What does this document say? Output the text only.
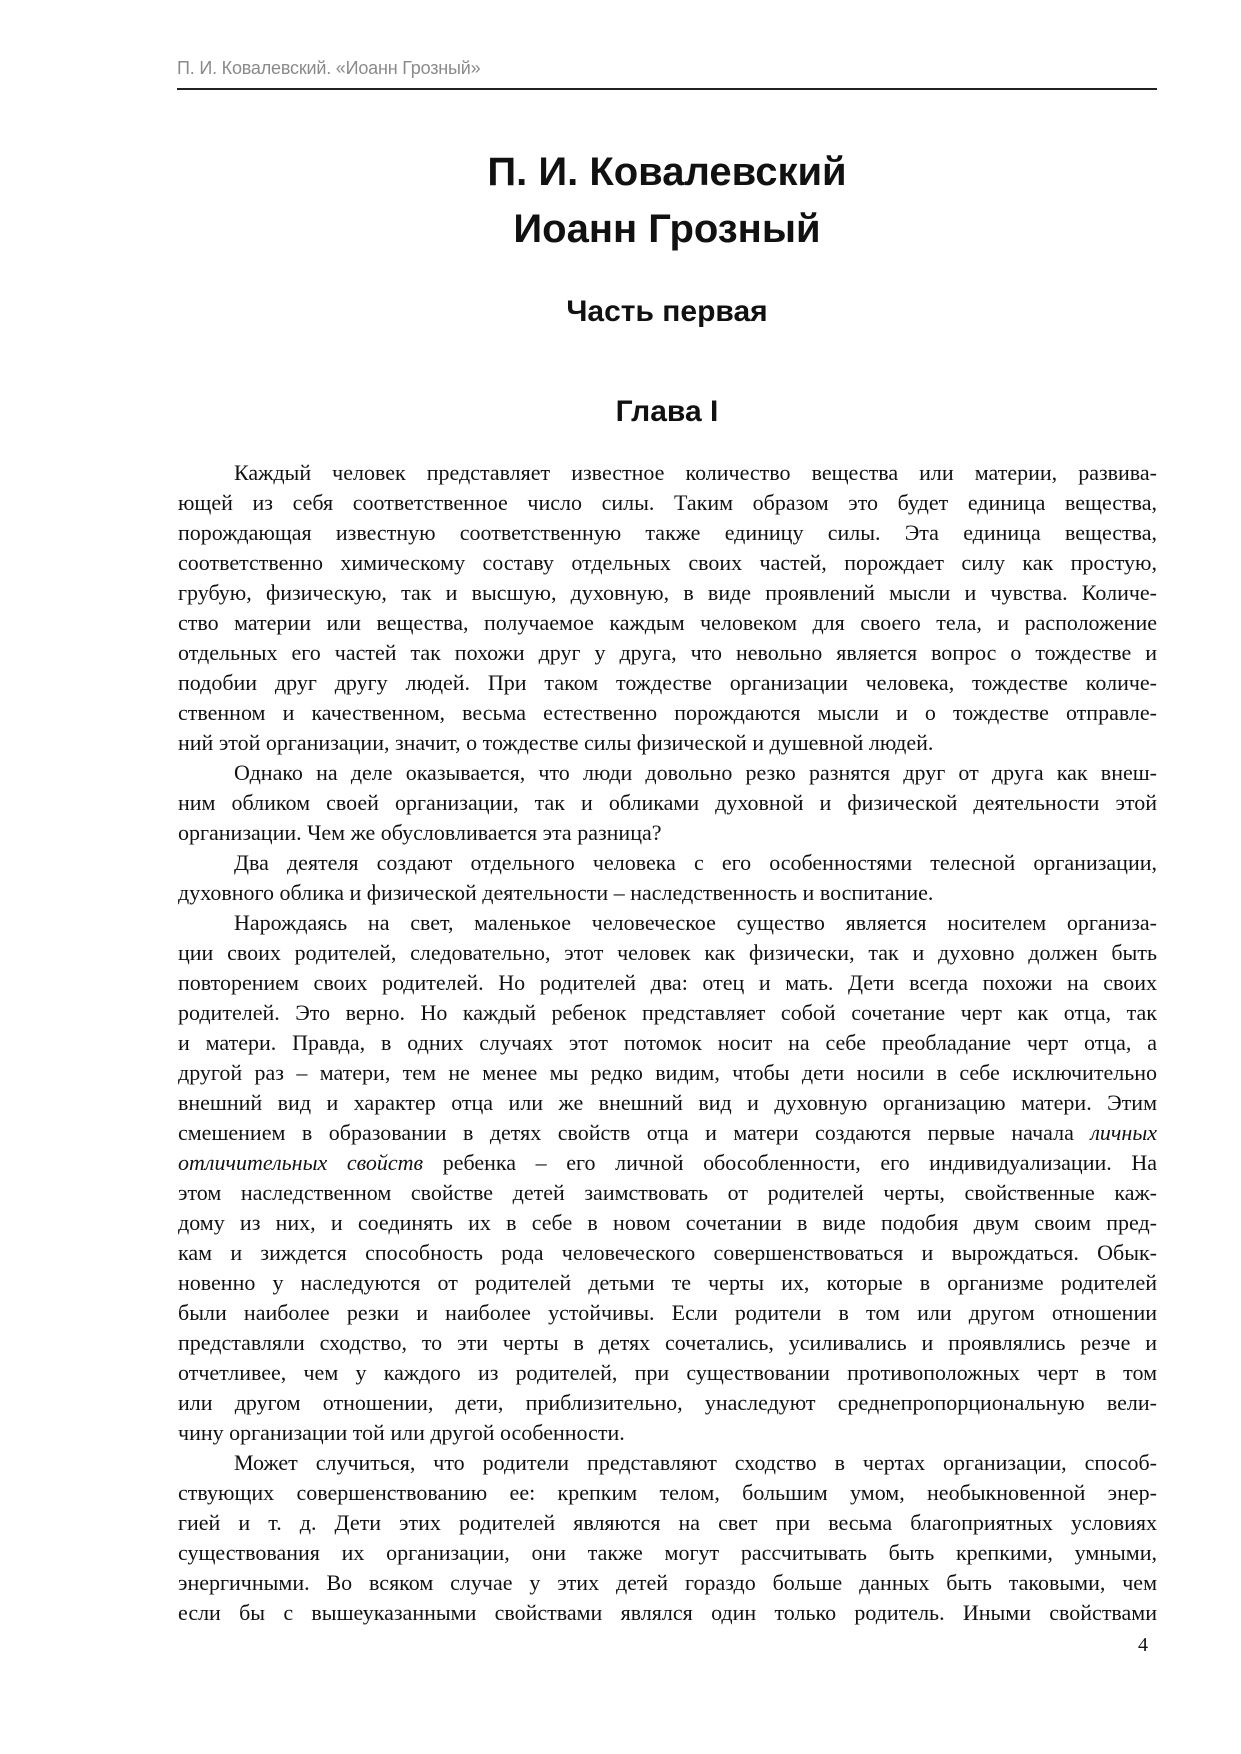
П. И. Ковалевский. «Иоанн Грозный»
П. И. Ковалевский
Иоанн Грозный
Часть первая
Глава I
Каждый человек представляет известное количество вещества или материи, развива-
ющей из себя соответственное число силы. Таким образом это будет единица вещества,
порождающая известную соответственную также единицу силы. Эта единица вещества,
соответственно химическому составу отдельных своих частей, порождает силу как простую,
грубую, физическую, так и высшую, духовную, в виде проявлений мысли и чувства. Количе-
ство материи или вещества, получаемое каждым человеком для своего тела, и расположение
отдельных его частей так похожи друг у друга, что невольно является вопрос о тождестве и
подобии друг другу людей. При таком тождестве организации человека, тождестве количе-
ственном и качественном, весьма естественно порождаются мысли и о тождестве отправле-
ний этой организации, значит, о тождестве силы физической и душевной людей.
Однако на деле оказывается, что люди довольно резко разнятся друг от друга как внеш-
ним обликом своей организации, так и обликами духовной и физической деятельности этой
организации. Чем же обусловливается эта разница?
Два деятеля создают отдельного человека с его особенностями телесной организации,
духовного облика и физической деятельности – наследственность и воспитание.
Нарождаясь на свет, маленькое человеческое существо является носителем организа-
ции своих родителей, следовательно, этот человек как физически, так и духовно должен быть
повторением своих родителей. Но родителей два: отец и мать. Дети всегда похожи на своих
родителей. Это верно. Но каждый ребенок представляет собой сочетание черт как отца, так
и матери. Правда, в одних случаях этот потомок носит на себе преобладание черт отца, а
другой раз – матери, тем не менее мы редко видим, чтобы дети носили в себе исключительно
внешний вид и характер отца или же внешний вид и духовную организацию матери. Этим
смешением в образовании в детях свойств отца и матери создаются первые начала личных
отличительных свойств ребенка – его личной обособленности, его индивидуализации. На
этом наследственном свойстве детей заимствовать от родителей черты, свойственные каж-
дому из них, и соединять их в себе в новом сочетании в виде подобия двум своим пред-
кам и зиждется способность рода человеческого совершенствоваться и вырождаться. Обык-
новенно у наследуются от родителей детьми те черты их, которые в организме родителей
были наиболее резки и наиболее устойчивы. Если родители в том или другом отношении
представляли сходство, то эти черты в детях сочетались, усиливались и проявлялись резче и
отчетливее, чем у каждого из родителей, при существовании противоположных черт в том
или другом отношении, дети, приблизительно, унаследуют среднепропорциональную вели-
чину организации той или другой особенности.
Может случиться, что родители представляют сходство в чертах организации, способ-
ствующих совершенствованию ее: крепким телом, большим умом, необыкновенной энер-
гией и т. д. Дети этих родителей являются на свет при весьма благоприятных условиях
существования их организации, они также могут рассчитывать быть крепкими, умными,
энергичными. Во всяком случае у этих детей гораздо больше данных быть таковыми, чем
если бы с вышеуказанными свойствами являлся один только родитель. Иными свойствами
4
